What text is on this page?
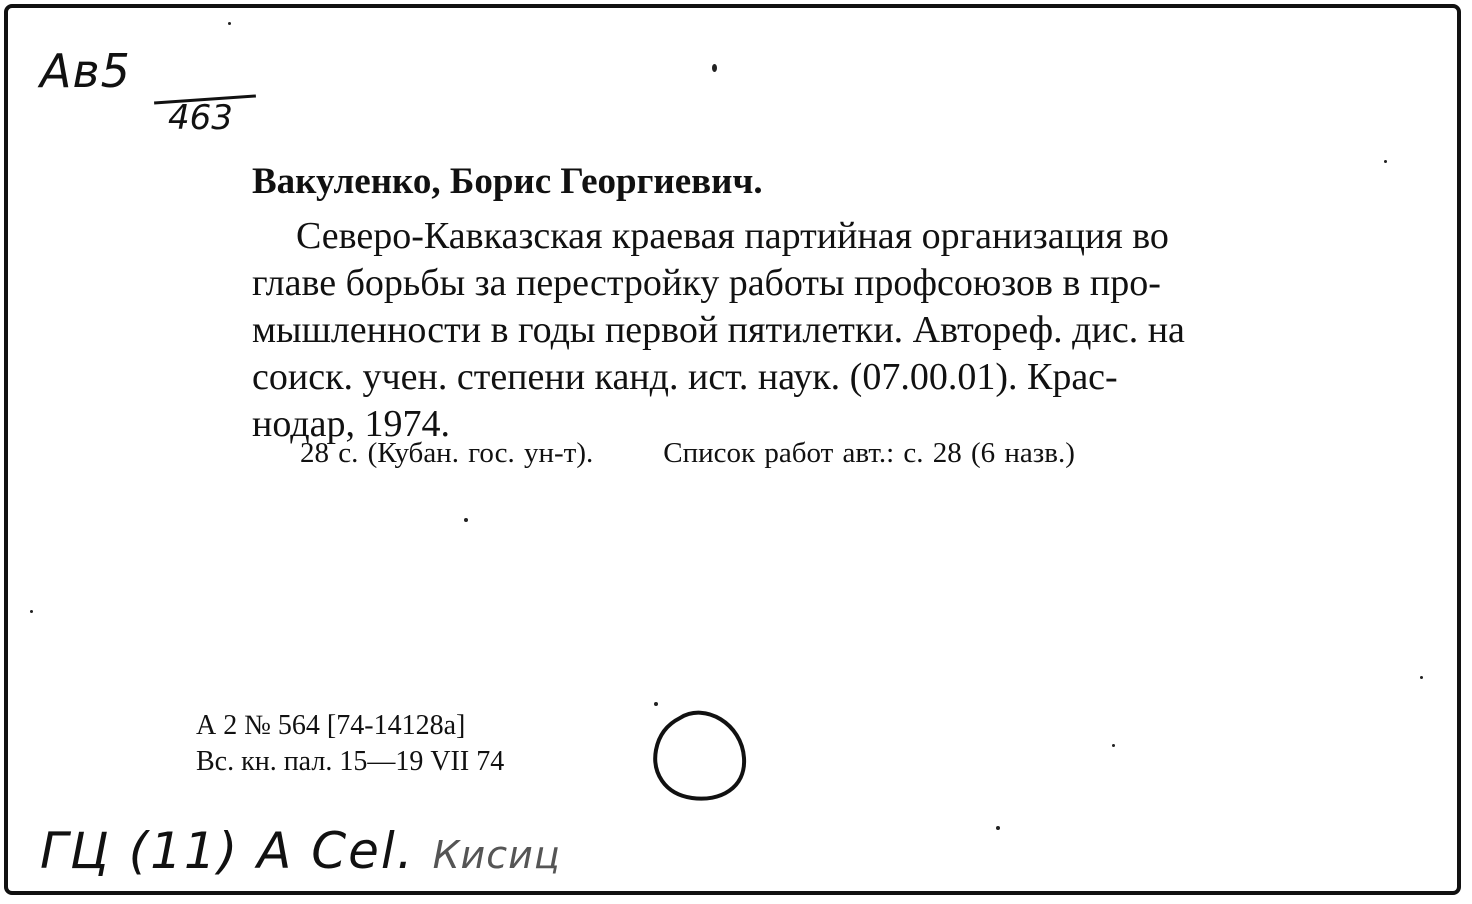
Ав5
463
Вакуленко, Борис Георгиевич.
Северо-Кавказская краевая партийная организация во
главе борьбы за перестройку работы профсоюзов в про-
мышленности в годы первой пятилетки. Автореф. дис. на
соиск. учен. степени канд. ист. наук. (07.00.01). Крас-
нодар, 1974.
28 с. (Кубан. гос. ун-т). Список работ авт.: с. 28 (6 назв.)
А 2 № 564 [74-14128а]
Вс. кн. пал. 15—19 VII 74
ГЦ (11) А Cel. Кисиц
